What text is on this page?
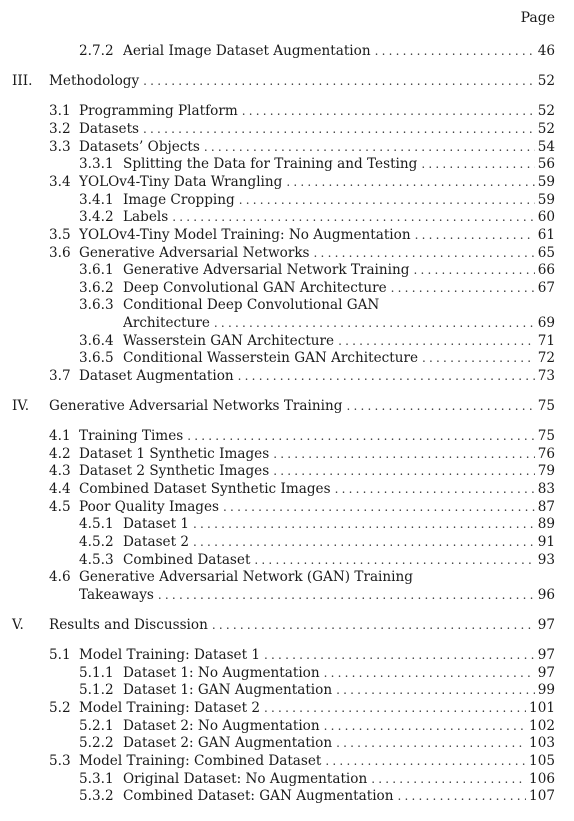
Page
2.7.2 Aerial Image Dataset Augmentation .....	46
III. Methodology .....	52
3.1 Programming Platform .....	52
3.2 Datasets .....	52
3.3 Datasets’ Objects .....	54
3.3.1 Splitting the Data for Training and Testing .....	56
3.4 YOLOv4-Tiny Data Wrangling .....	59
3.4.1 Image Cropping .....	59
3.4.2 Labels .....	60
3.5 YOLOv4-Tiny Model Training: No Augmentation .....	61
3.6 Generative Adversarial Networks .....	65
3.6.1 Generative Adversarial Network Training .....	66
3.6.2 Deep Convolutional GAN Architecture .....	67
3.6.3 Conditional Deep Convolutional GAN
Architecture .....	69
3.6.4 Wasserstein GAN Architecture .....	71
3.6.5 Conditional Wasserstein GAN Architecture .....	72
3.7 Dataset Augmentation .....	73
IV. Generative Adversarial Networks Training .....	75
4.1 Training Times .....	75
4.2 Dataset 1 Synthetic Images .....	76
4.3 Dataset 2 Synthetic Images .....	79
4.4 Combined Dataset Synthetic Images .....	83
4.5 Poor Quality Images .....	87
4.5.1 Dataset 1 .....	89
4.5.2 Dataset 2 .....	91
4.5.3 Combined Dataset .....	93
4.6 Generative Adversarial Network (GAN) Training
Takeaways .....	96
V. Results and Discussion .....	97
5.1 Model Training: Dataset 1 .....	97
5.1.1 Dataset 1: No Augmentation .....	97
5.1.2 Dataset 1: GAN Augmentation .....	99
5.2 Model Training: Dataset 2 .....	101
5.2.1 Dataset 2: No Augmentation .....	102
5.2.2 Dataset 2: GAN Augmentation .....	103
5.3 Model Training: Combined Dataset .....	105
5.3.1 Original Dataset: No Augmentation .....	106
5.3.2 Combined Dataset: GAN Augmentation .....	107
